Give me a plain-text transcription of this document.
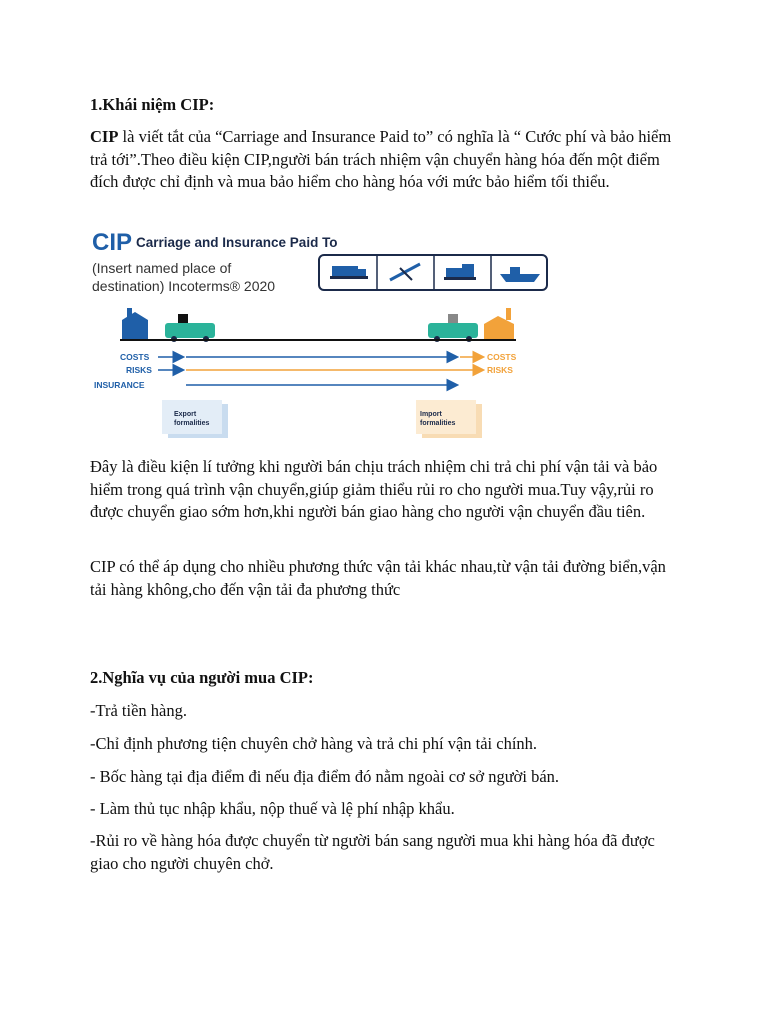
1.Khái niệm CIP:

CIP là viết tắt của “Carriage and Insurance Paid to” có nghĩa là “ Cước phí và bảo hiểm trả tới”.Theo điều kiện CIP,người bán trách nhiệm vận chuyển hàng hóa đến một điểm đích được chỉ định và mua bảo hiểm cho hàng hóa với mức bảo hiểm tối thiểu.

CIP Carriage and Insurance Paid To
(Insert named place of
destination) Incoterms® 2020
COSTS	COSTS
RISKS	RISKS
INSURANCE
Export
formalities
Import
formalities

Đây là điều kiện lí tưởng khi người bán chịu trách nhiệm chi trả chi phí vận tải và bảo hiểm trong quá trình vận chuyển,giúp giảm thiểu rủi ro cho người mua.Tuy vậy,rủi ro được chuyển giao sớm hơn,khi người bán giao hàng cho người vận chuyển đầu tiên.

CIP có thể áp dụng cho nhiều phương thức vận tải khác nhau,từ vận tải đường biển,vận tải hàng không,cho đến vận tải đa phương thức

2.Nghĩa vụ của người mua CIP:

-Trả tiền hàng.

-Chỉ định phương tiện chuyên chở hàng và trả chi phí vận tải chính.

- Bốc hàng tại địa điểm đi nếu địa điểm đó nằm ngoài cơ sở người bán.

- Làm thủ tục nhập khẩu, nộp thuế và lệ phí nhập khẩu.

-Rủi ro về hàng hóa được chuyển từ người bán sang người mua khi hàng hóa đã được giao cho người chuyên chở.
